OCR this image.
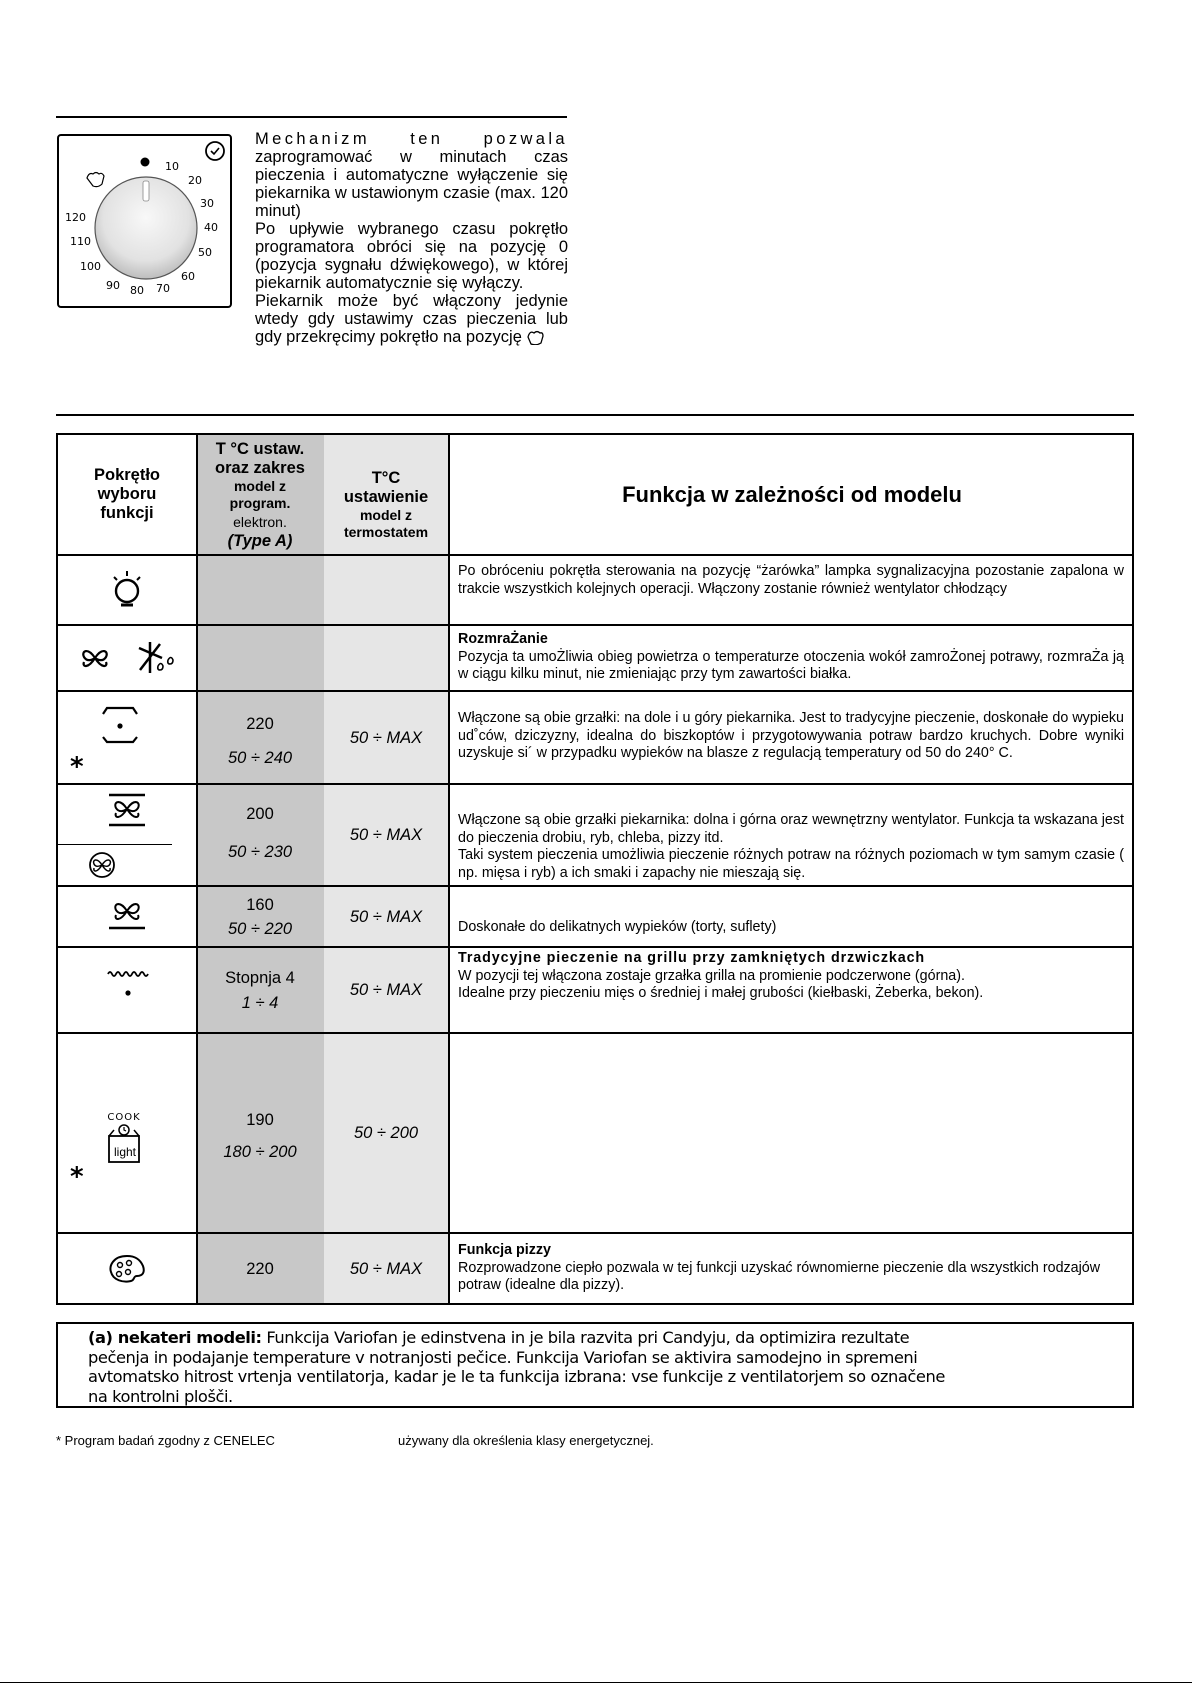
10
20
30
40
50
60
70
80
90
100
110
120

Mechanizm ten pozwala

zaprogramować w minutach czas pieczenia i automatyczne wyłączenie się piekarnika w ustawionym czasie (max. 120 minut)

Po upływie wybranego czasu pokrętło programatora obróci się na pozycję 0 (pozycja sygnału dźwiękowego), w której piekarnik automatycznie się wyłączy.

Piekarnik może być włączony jedynie wtedy gdy ustawimy czas pieczenia lub gdy przekręcimy pokrętło na pozycję

Pokrętło wyboru funkcji
T °C ustaw.
oraz zakres
model z
program.
elektron.
(Type A)
T°C
ustawienie
model z
termostatem
Funkcja w zależności od modelu
Po obróceniu pokrętła sterowania na pozycję “żarówka” lampka sygnalizacyjna pozostanie zapalona w trakcie wszystkich kolejnych operacji. Włączony zostanie również wentylator chłodzący
RozmraŻanie
Pozycja ta umoŻliwia obieg powietrza o temperaturze otoczenia wokół zamroŻonej potrawy, rozmraŻa ją w ciągu kilku minut, nie zmieniając przy tym zawartości białka.
*
220
50 ÷ 240
50 ÷ MAX
Włączone są obie grzałki: na dole i u góry piekarnika. Jest to tradycyjne pieczenie, doskonałe do wypieku ud˚ców, dziczyzny, idealna do biszkoptów i przygotowywania potraw bardzo kruchych. Dobre wyniki uzyskuje si´ w przypadku wypieków na blasze z regulacją temperatury od 50 do 240° C.
200
50 ÷ 230
50 ÷ MAX
Włączone są obie grzałki piekarnika: dolna i górna oraz wewnętrzny wentylator. Funkcja ta wskazana jest do pieczenia drobiu, ryb, chleba, pizzy itd.
Taki system pieczenia umożliwia pieczenie różnych potraw na różnych poziomach w tym samym czasie ( np. mięsa i ryb) a ich smaki i zapachy nie mieszają się.
160
50 ÷ 220
50 ÷ MAX
Doskonałe do delikatnych wypieków (torty, suflety)
Stopnja 4
1 ÷ 4
50 ÷ MAX
Tradycyjne pieczenie na grillu przy zamkniętych drzwiczkach
W pozycji tej włączona zostaje grzałka grilla na promienie podczerwone (górna). Idealne przy pieczeniu mięs o średniej i małej grubości (kiełbaski, Żeberka, bekon).
COOK
light
*
190
180 ÷ 200
50 ÷ 200
220	50 ÷ MAX
Funkcja pizzy
Rozprowadzone ciepło pozwala w tej funkcji uzyskać równomierne pieczenie dla wszystkich rodzajów potraw (idealne dla pizzy).
(a) nekateri modeli: Funkcija Variofan je edinstvena in je bila razvita pri Candyju, da optimizira rezultate pečenja in podajanje temperature v notranjosti pečice. Funkcija Variofan se aktivira samodejno in spremeni avtomatsko hitrost vrtenja ventilatorja, kadar je le ta funkcija izbrana: vse funkcije z ventilatorjem so označene na kontrolni plošči.
* Program badań zgodny z CENELEC	używany dla określenia klasy energetycznej.
